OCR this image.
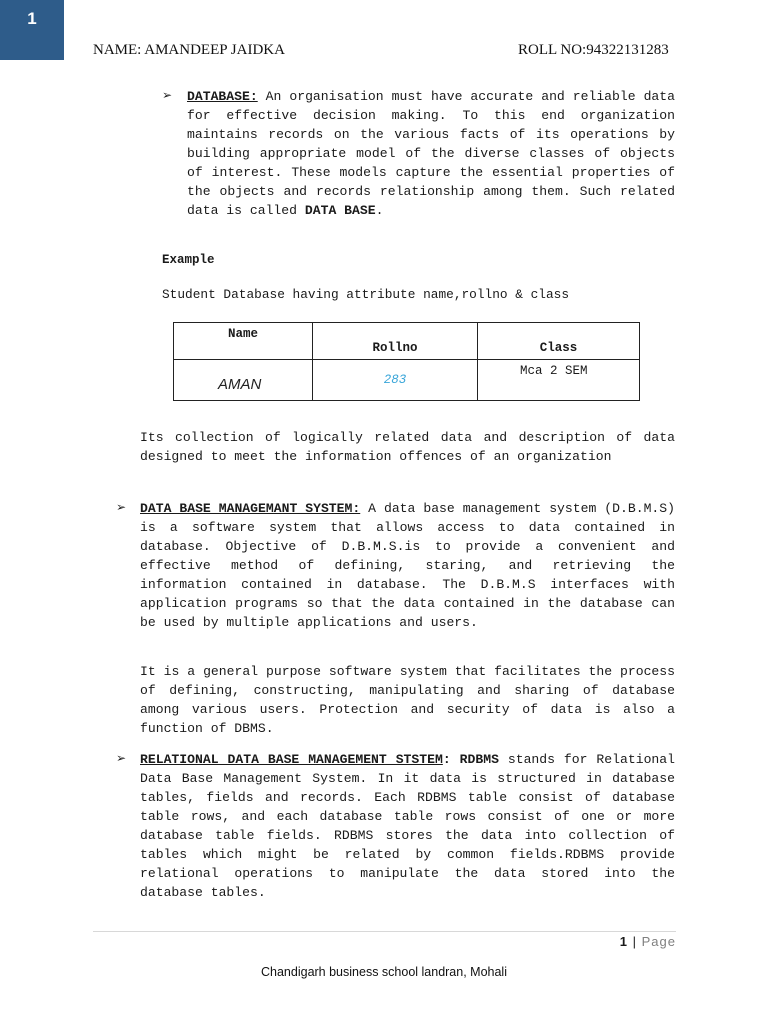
1
NAME: AMANDEEP JAIDKA	ROLL NO:94322131283
➢ DATABASE: An organisation must have accurate and reliable data for effective decision making. To this end organization maintains records on the various facts of its operations by building appropriate model of the diverse classes of objects of interest. These models capture the essential properties of the objects and records relationship among them. Such related data is called DATA BASE.
Example
Student Database having attribute name,rollno & class
Name	Rollno	Class
AMAN	283	Mca 2 SEM
Its collection of logically related data and description of data designed to meet the information offences of an organization
➢ DATA BASE MANAGEMANT SYSTEM: A data base management system (D.B.M.S) is a software system that allows access to data contained in database. Objective of D.B.M.S.is to provide a convenient and effective method of defining, staring, and retrieving the information contained in database. The D.B.M.S interfaces with application programs so that the data contained in the database can be used by multiple applications and users.
It is a general purpose software system that facilitates the process of defining, constructing, manipulating and sharing of database among various users. Protection and security of data is also a function of DBMS.
➢ RELATIONAL DATA BASE MANAGEMENT STSTEM: RDBMS stands for Relational Data Base Management System. In it data is structured in database tables, fields and records. Each RDBMS table consist of database table rows, and each database table rows consist of one or more database table fields. RDBMS stores the data into collection of tables which might be related by common fields.RDBMS provide relational operations to manipulate the data stored into the database tables.
1 | Page
Chandigarh business school landran, Mohali
